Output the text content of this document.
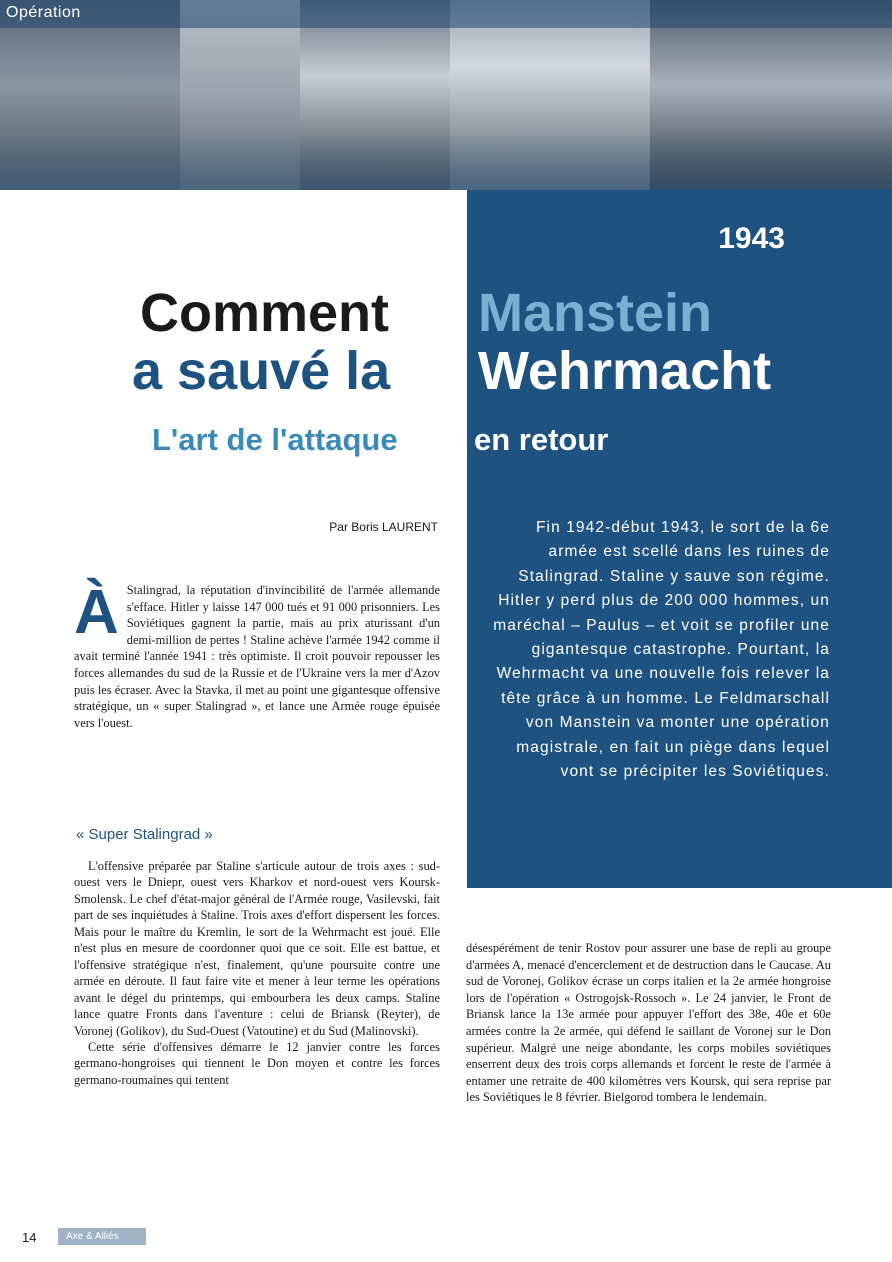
Opération
février-mars 1943
Comment Manstein
a sauvé la Wehrmacht
L'art de l'attaque en retour
Par Boris LAURENT	Fin 1942-début 1943, le sort de la 6e armée est scellé dans les ruines de Stalingrad. Staline y sauve son régime. Hitler y perd plus de 200 000 hommes, un maréchal – Paulus – et voit se profiler une gigantesque catastrophe. Pourtant, la Wehrmacht va une nouvelle fois relever la tête grâce à un homme. Le Feldmarschall von Manstein va monter une opération magistrale, en fait un piège dans lequel vont se précipiter les Soviétiques.
À Stalingrad, la réputation d'invincibilité de l'armée allemande s'efface. Hitler y laisse 147 000 tués et 91 000 prisonniers. Les Soviétiques gagnent la partie, mais au prix aturissant d'un demi-million de pertes ! Staline achève l'armée 1942 comme il avait terminé l'année 1941 : très optimiste. Il croit pouvoir repousser les forces allemandes du sud de la Russie et de l'Ukraine vers la mer d'Azov puis les écraser. Avec la Stavka, il met au point une gigantesque offensive stratégique, un « super Stalingrad », et lance une Armée rouge épuisée vers l'ouest.

« Super Stalingrad »

L'offensive préparée par Staline s'articule autour de trois axes : sud-ouest vers le Dniepr, ouest vers Kharkov et nord-ouest vers Koursk-Smolensk. Le chef d'état-major général de l'Armée rouge, Vasilevski, fait part de ses inquiétudes à Staline. Trois axes d'effort dispersent les forces. Mais pour le maître du Kremlin, le sort de la Wehrmacht est joué. Elle n'est plus en mesure de coordonner quoi que ce soit. Elle est battue, et l'offensive stratégique n'est, finalement, qu'une poursuite contre une armée en déroute. Il faut faire vite et mener à leur terme les opérations avant le dégel du printemps, qui embourbera les deux camps. Staline lance quatre Fronts dans l'aventure : celui de Briansk (Reyter), de Voronej (Golikov), du Sud-Ouest (Vatoutine) et du Sud (Malinovski).

Cette série d'offensives démarre le 12 janvier contre les forces germano-hongroises qui tiennent le Don moyen et contre les forces germano-roumaines qui tentent

désespérément de tenir Rostov pour assurer une base de repli au groupe d'armées A, menacé d'encerclement et de destruction dans le Caucase. Au sud de Voronej, Golikov écrase un corps italien et la 2e armée hongroise lors de l'opération « Ostrogojsk-Rossoch ». Le 24 janvier, le Front de Briansk lance la 13e armée pour appuyer l'effort des 38e, 40e et 60e armées contre la 2e armée, qui défend le saillant de Voronej sur le Don supérieur. Malgré une neige abondante, les corps mobiles soviétiques enserrent deux des trois corps allemands et forcent le reste de l'armée à entamer une retraite de 400 kilomètres vers Koursk, qui sera reprise par les Soviétiques le 8 février. Bielgorod tombera le lendemain.

14	Axe & Alliés
